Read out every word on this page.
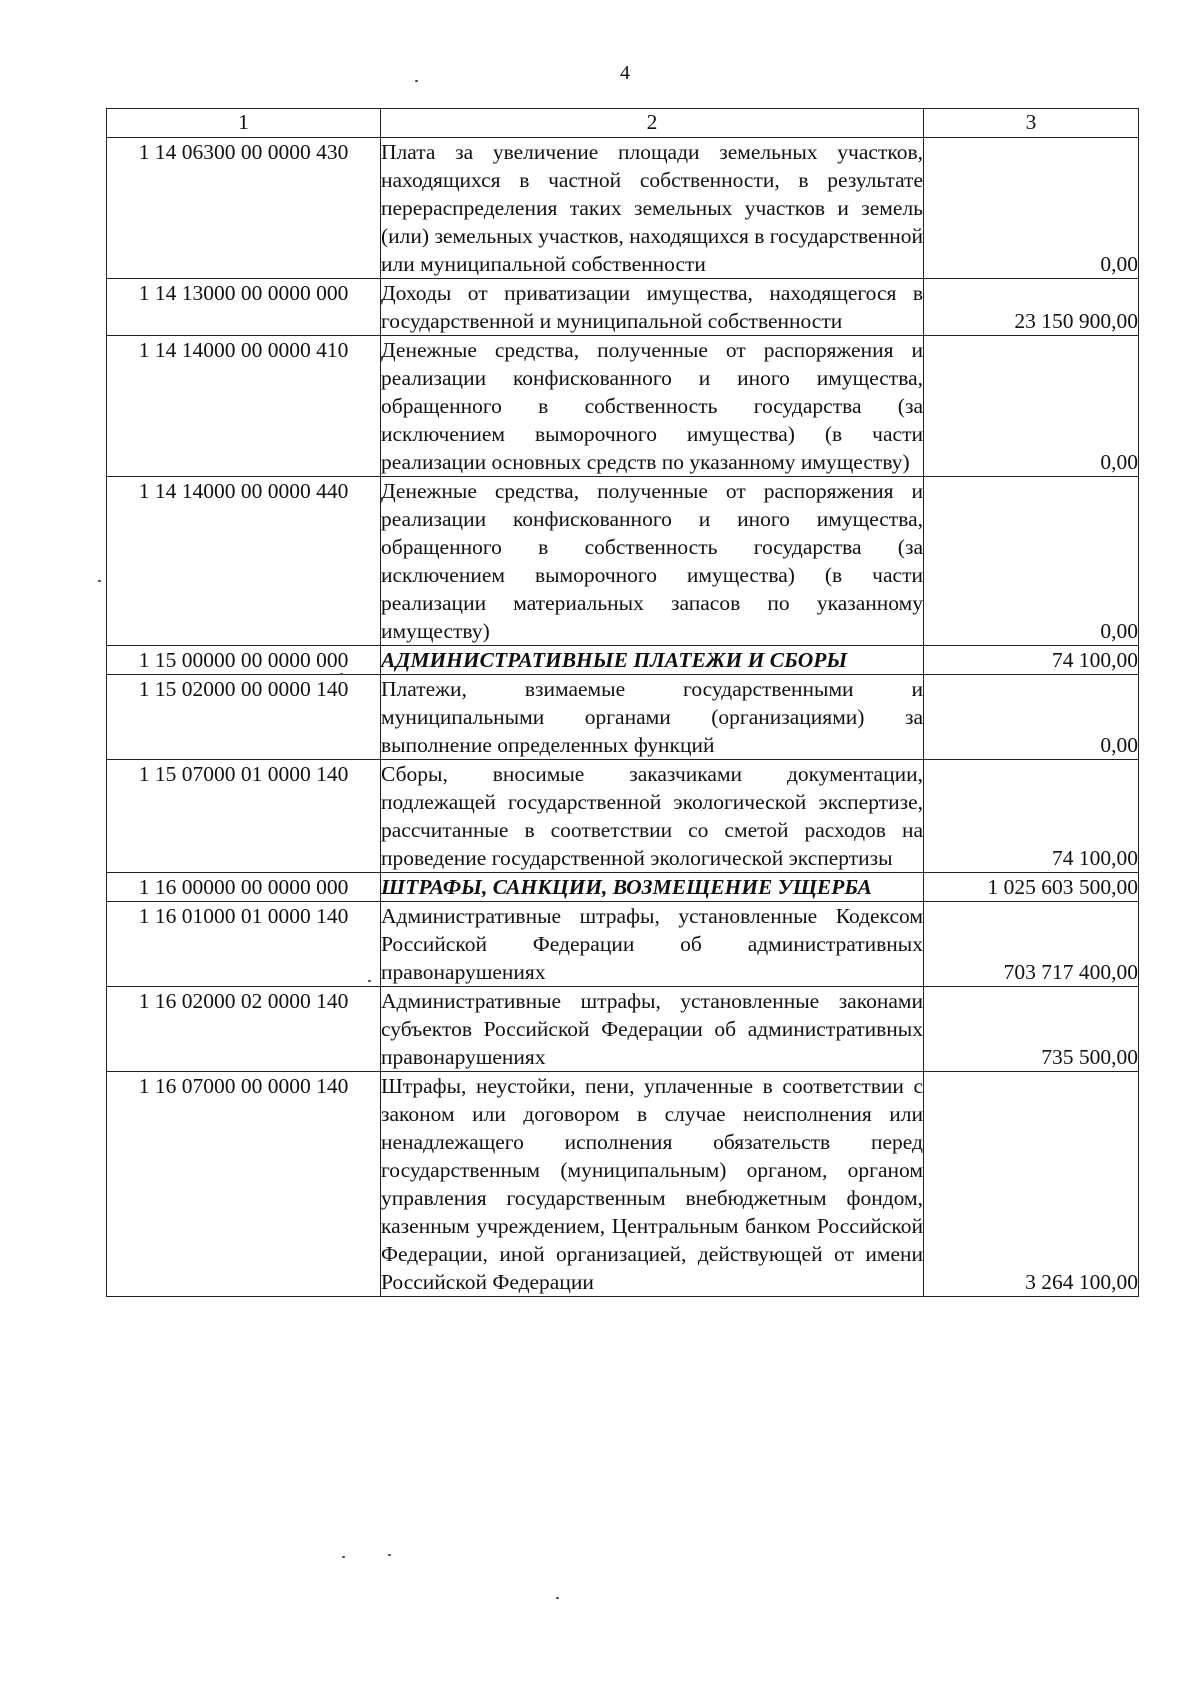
4
1	2	3
1 14 06300 00 0000 430	Плата за увеличение площади земельных участков, находящихся в частной собственности, в результате перераспределения таких земельных участков и земель (или) земельных участков, находящихся в государственной или муниципальной собственности	0,00
1 14 13000 00 0000 000	Доходы от приватизации имущества, находящегося в государственной и муниципальной собственности	23 150 900,00
1 14 14000 00 0000 410	Денежные средства, полученные от распоряжения и реализации конфискованного и иного имущества, обращенного в собственность государства (за исключением выморочного имущества) (в части реализации основных средств по указанному имуществу)	0,00
1 14 14000 00 0000 440	Денежные средства, полученные от распоряжения и реализации конфискованного и иного имущества, обращенного в собственность государства (за исключением выморочного имущества) (в части реализации материальных запасов по указанному имуществу)	0,00
1 15 00000 00 0000 000	АДМИНИСТРАТИВНЫЕ ПЛАТЕЖИ И СБОРЫ	74 100,00
1 15 02000 00 0000 140	Платежи, взимаемые государственными и муниципальными органами (организациями) за выполнение определенных функций	0,00
1 15 07000 01 0000 140	Сборы, вносимые заказчиками документации, подлежащей государственной экологической экспертизе, рассчитанные в соответствии со сметой расходов на проведение государственной экологической экспертизы	74 100,00
1 16 00000 00 0000 000	ШТРАФЫ, САНКЦИИ, ВОЗМЕЩЕНИЕ УЩЕРБА	1 025 603 500,00
1 16 01000 01 0000 140	Административные штрафы, установленные Кодексом Российской Федерации об административных правонарушениях	703 717 400,00
1 16 02000 02 0000 140	Административные штрафы, установленные законами субъектов Российской Федерации об административных правонарушениях	735 500,00
1 16 07000 00 0000 140	Штрафы, неустойки, пени, уплаченные в соответствии с законом или договором в случае неисполнения или ненадлежащего исполнения обязательств перед государственным (муниципальным) органом, органом управления государственным внебюджетным фондом, казенным учреждением, Центральным банком Российской Федерации, иной организацией, действующей от имени Российской Федерации	3 264 100,00
